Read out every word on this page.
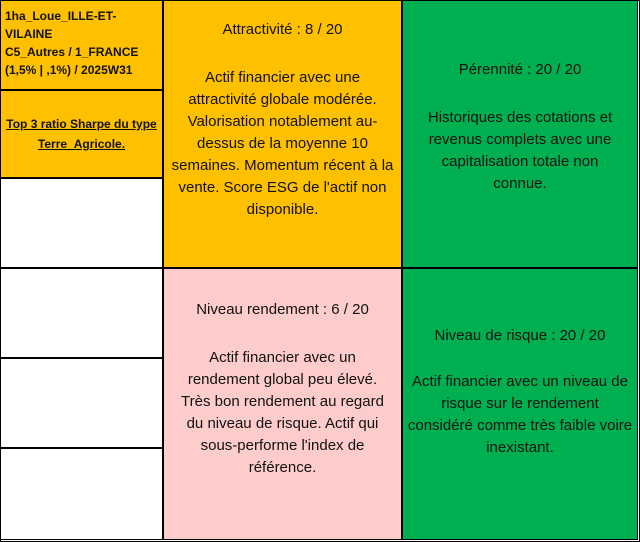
1ha_Loue_ILLE-ET-VILAINE
C5_Autres / 1_FRANCE
(1,5% | ,1%) / 2025W31
Top 3 ratio Sharpe du type
Terre_Agricole.
Attractivité : 8 / 20
Actif financier avec une attractivité globale modérée. Valorisation notablement au-dessus de la moyenne 10 semaines. Momentum récent à la vente. Score ESG de l'actif non disponible.
Pérennité : 20 / 20
Historiques des cotations et revenus complets avec une capitalisation totale non connue.
Niveau rendement : 6 / 20
Actif financier avec un rendement global peu élevé. Très bon rendement au regard du niveau de risque. Actif qui sous-performe l'index de référence.
Niveau de risque : 20 / 20
Actif financier avec un niveau de risque sur le rendement considéré comme très faible voire inexistant.
